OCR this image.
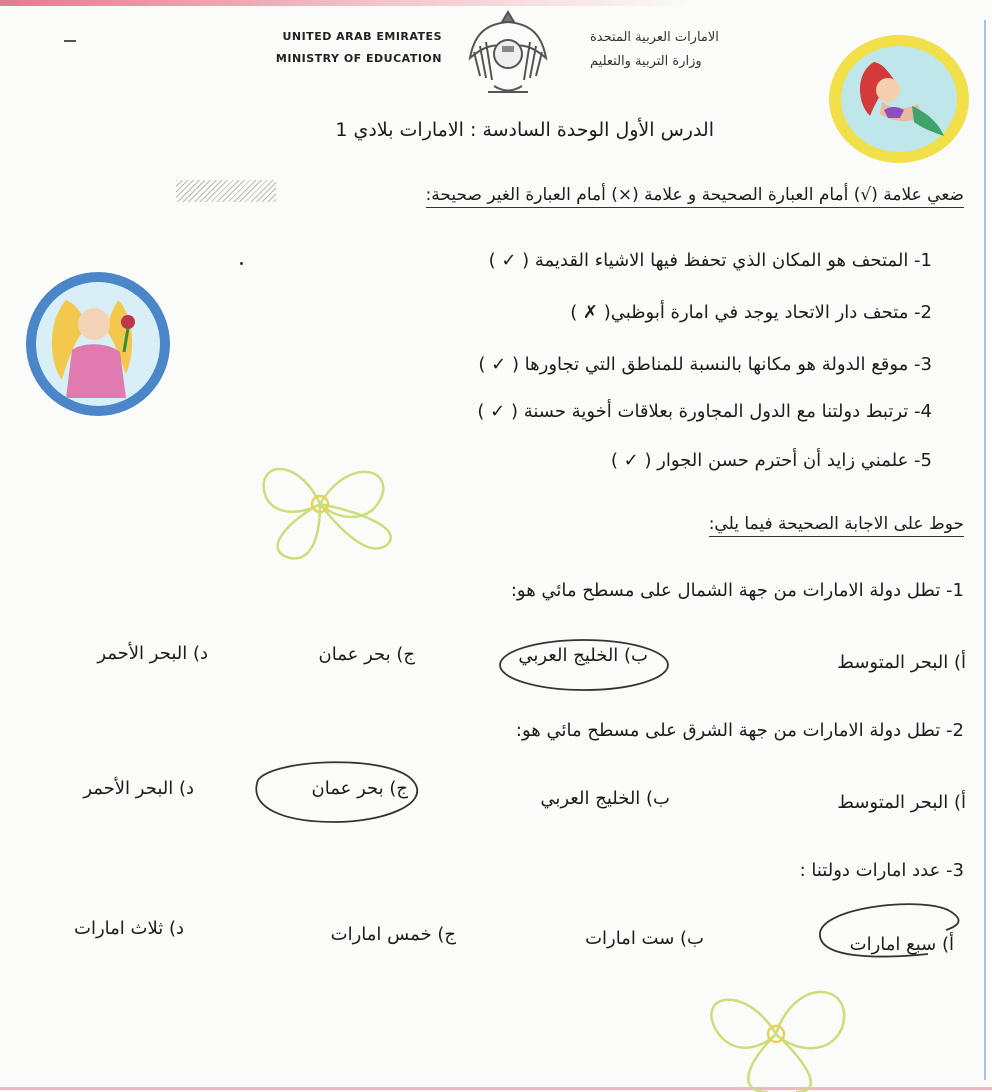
UNITED ARAB EMIRATES
MINISTRY OF EDUCATION
الامارات العربية المتحدة
وزارة التربية والتعليم
الدرس الأول الوحدة السادسة : الامارات بلادي 1
ضعي علامة (√) أمام العبارة الصحيحة و علامة (×) أمام العبارة الغير صحيحة:
1- المتحف هو المكان الذي تحفظ فيها الاشياء القديمة ( ✓ )
2- متحف دار الاتحاد يوجد في امارة أبوظبي( ✗ )
3- موقع الدولة هو مكانها بالنسبة للمناطق التي تجاورها ( ✓ )
4- ترتبط دولتنا مع الدول المجاورة بعلاقات أخوية حسنة ( ✓ )
5- علمني زايد أن أحترم حسن الجوار ( ✓ )
حوط على الاجابة الصحيحة فيما يلي:
1- تطل دولة الامارات من جهة الشمال على مسطح مائي هو:
أ) البحر المتوسط
ب) الخليج العربي
ج) بحر عمان
د) البحر الأحمر
2- تطل دولة الامارات من جهة الشرق على مسطح مائي هو:
أ) البحر المتوسط
ب) الخليج العربي
ج) بحر عمان
د) البحر الأحمر
3- عدد امارات دولتنا :
أ) سبع امارات
ب) ست امارات
ج) خمس امارات
د) ثلاث امارات
